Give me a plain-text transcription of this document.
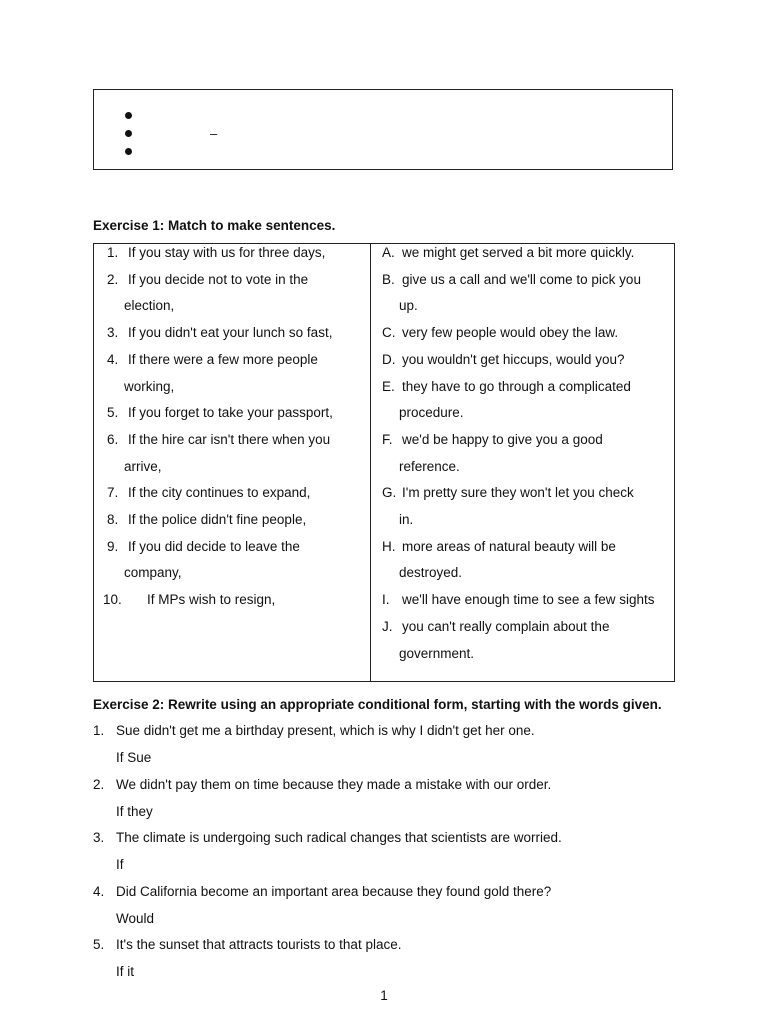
–
Exercise 1: Match to make sentences.
1. If you stay with us for three days,
2. If you decide not to vote in the
election,
3. If you didn't eat your lunch so fast,
4. If there were a few more people
working,
5. If you forget to take your passport,
6. If the hire car isn't there when you
arrive,
7. If the city continues to expand,
8. If the police didn't fine people,
9. If you did decide to leave the
company,
10. If MPs wish to resign,
A. we might get served a bit more quickly.
B. give us a call and we'll come to pick you
up.
C. very few people would obey the law.
D. you wouldn't get hiccups, would you?
E. they have to go through a complicated
procedure.
F. we'd be happy to give you a good
reference.
G. I'm pretty sure they won't let you check
in.
H. more areas of natural beauty will be
destroyed.
I. we'll have enough time to see a few sights
J. you can't really complain about the
government.
Exercise 2: Rewrite using an appropriate conditional form, starting with the words given.
1. Sue didn't get me a birthday present, which is why I didn't get her one.
If Sue
2. We didn't pay them on time because they made a mistake with our order.
If they
3. The climate is undergoing such radical changes that scientists are worried.
If
4. Did California become an important area because they found gold there?
Would
5. It's the sunset that attracts tourists to that place.
If it
1
